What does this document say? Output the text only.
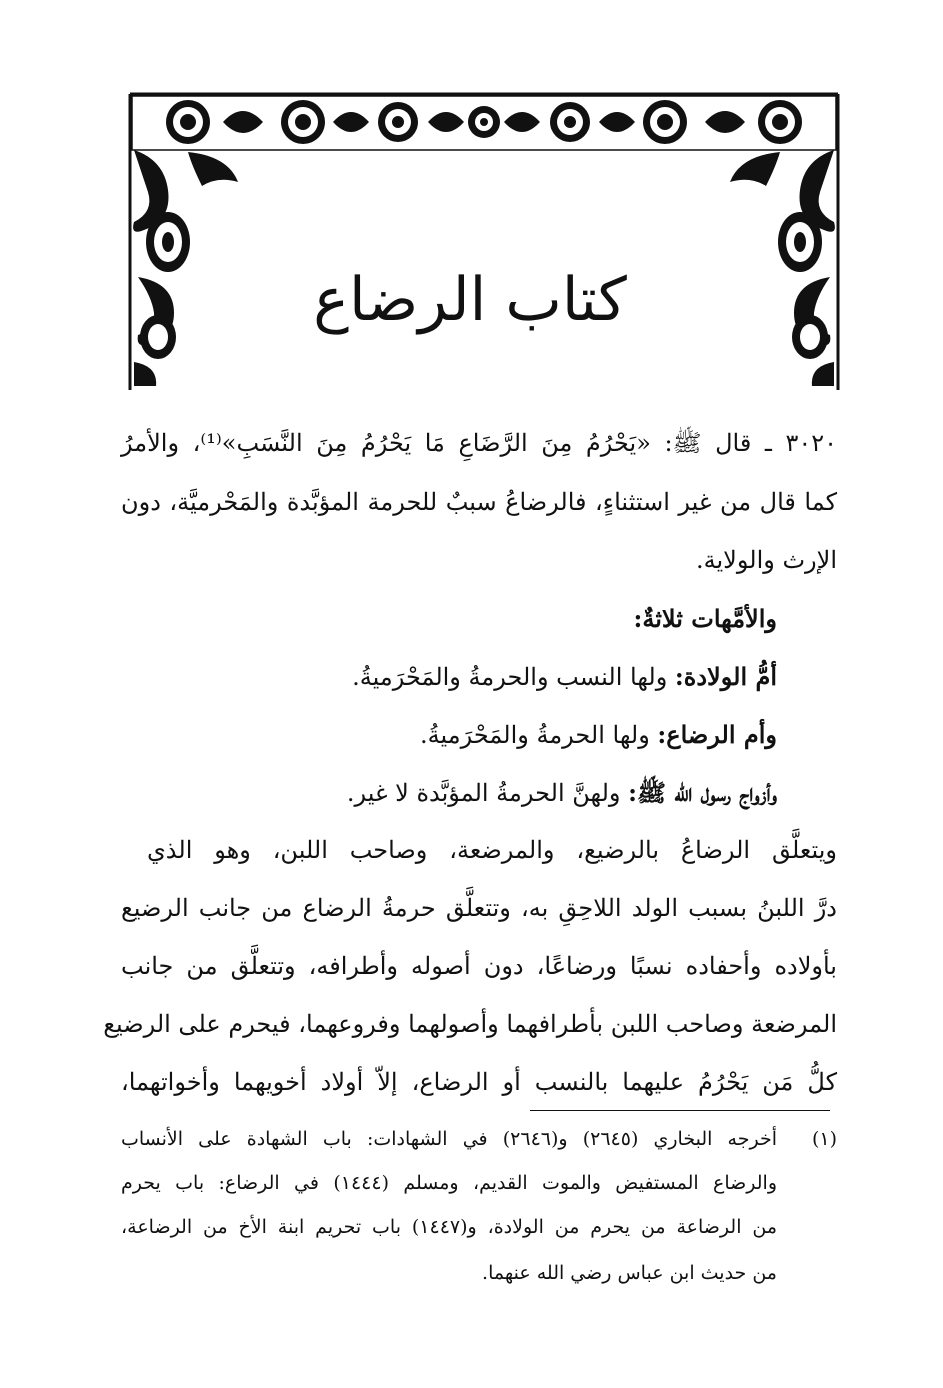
كتاب الرضاع
٣٠٢٠ ـ قال ﷺ: «يَحْرُمُ مِنَ الرَّضَاعِ مَا يَحْرُمُ مِنَ النَّسَبِ»⁽¹⁾، والأمرُ
كما قال من غير استثناءٍ، فالرضاعُ سببٌ للحرمة المؤبَّدة والمَحْرميَّة، دون
الإرث والولاية.
والأمَّهات ثلاثةٌ:
أمُّ الولادة: ولها النسب والحرمةُ والمَحْرَميةُ.
وأم الرضاع: ولها الحرمةُ والمَحْرَميةُ.
وأزواج رسول الله ﷺ: ولهنَّ الحرمةُ المؤبَّدة لا غير.
ويتعلَّق الرضاعُ بالرضيع، والمرضعة، وصاحب اللبن، وهو الذي
درَّ اللبنُ بسبب الولد اللاحِقِ به، وتتعلَّق حرمةُ الرضاع من جانب الرضيع
بأولاده وأحفاده نسبًا ورضاعًا، دون أصوله وأطرافه، وتتعلَّق من جانب
المرضعة وصاحب اللبن بأطرافهما وأصولهما وفروعهما، فيحرم على الرضيع
كلُّ مَن يَحْرُمُ عليهما بالنسب أو الرضاع، إلاّ أولاد أخويهما وأخواتهما،
(١)
أخرجه البخاري (٢٦٤٥) و(٢٦٤٦) في الشهادات: باب الشهادة على الأنساب
والرضاع المستفيض والموت القديم، ومسلم (١٤٤٤) في الرضاع: باب يحرم
من الرضاعة من يحرم من الولادة، و(١٤٤٧) باب تحريم ابنة الأخ من الرضاعة،
من حديث ابن عباس رضي الله عنهما.
